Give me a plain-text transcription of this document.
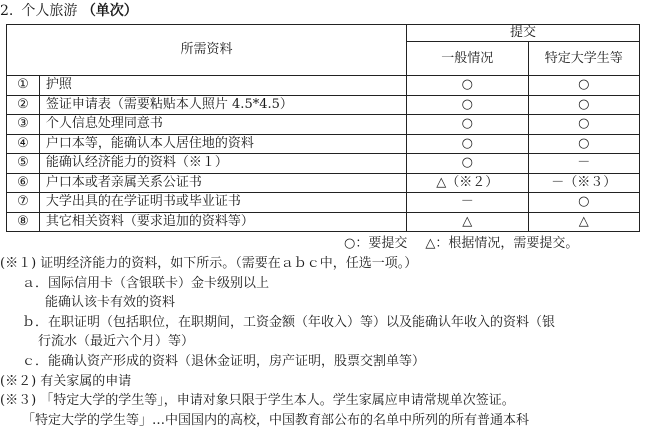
2. 个人旅游 （单次）
所需资料		提交	
		一般情况	特定大学生等
①	护照	○	○
②	签证申请表（需要粘贴本人照片 4.5*4.5）	○	○
③	个人信息处理同意书	○	○
④	户口本等，能确认本人居住地的资料	○	○
⑤	能确认经济能力的资料（※１）	○	－
⑥	户口本或者亲属关系公证书	△（※２）	－（※３）
⑦	大学出具的在学证明书或毕业证书	－	○
⑧	其它相关资料（要求追加的资料等）	△	△
○：要提交 △：根据情况，需要提交。
(※１) 证明经济能力的资料，如下所示。（需要在ａｂｃ中，任选一项。）
ａ．国际信用卡（含银联卡）金卡级别以上
能确认该卡有效的资料
ｂ．在职证明（包括职位，在职期间，工资金额（年收入）等）以及能确认年收入的资料（银
行流水（最近六个月）等）
ｃ．能确认资产形成的资料（退休金证明，房产证明，股票交割单等）
(※２) 有关家属的申请
(※３) 「特定大学的学生等」，申请对象只限于学生本人。学生家属应申请常规单次签证。
「特定大学的学生等」…中国国内的高校，中国教育部公布的名单中所列的所有普通本科
